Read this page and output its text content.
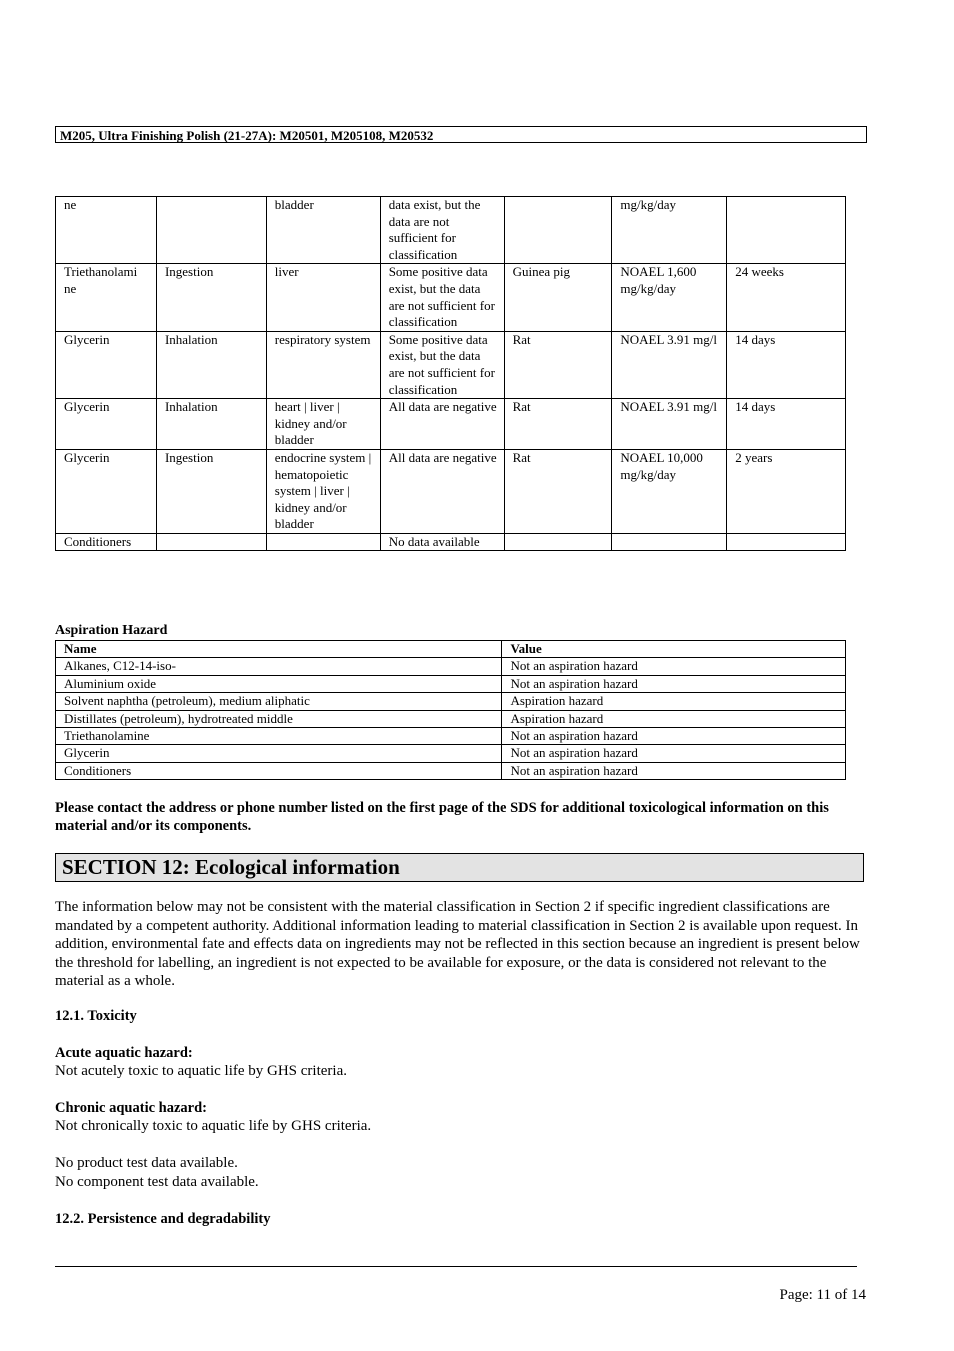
M205, Ultra Finishing Polish (21-27A): M20501, M205108, M20532
ne		bladder	data exist, but the data are not sufficient for classification		mg/kg/day	
Triethanolami ne	Ingestion	liver	Some positive data exist, but the data are not sufficient for classification	Guinea pig	NOAEL 1,600 mg/kg/day	24 weeks
Glycerin	Inhalation	respiratory system	Some positive data exist, but the data are not sufficient for classification	Rat	NOAEL 3.91 mg/l	14 days
Glycerin	Inhalation	heart | liver | kidney and/or bladder	All data are negative	Rat	NOAEL 3.91 mg/l	14 days
Glycerin	Ingestion	endocrine system | hematopoietic system | liver | kidney and/or bladder	All data are negative	Rat	NOAEL 10,000 mg/kg/day	2 years
Conditioners			No data available			
Aspiration Hazard
Name	Value
Alkanes, C12-14-iso-	Not an aspiration hazard
Aluminium oxide	Not an aspiration hazard
Solvent naphtha (petroleum), medium aliphatic	Aspiration hazard
Distillates (petroleum), hydrotreated middle	Aspiration hazard
Triethanolamine	Not an aspiration hazard
Glycerin	Not an aspiration hazard
Conditioners	Not an aspiration hazard
Please contact the address or phone number listed on the first page of the SDS for additional toxicological information on this material and/or its components.
SECTION 12: Ecological information
The information below may not be consistent with the material classification in Section 2 if specific ingredient classifications are mandated by a competent authority. Additional information leading to material classification in Section 2 is available upon request. In addition, environmental fate and effects data on ingredients may not be reflected in this section because an ingredient is present below the threshold for labelling, an ingredient is not expected to be available for exposure, or the data is considered not relevant to the material as a whole.
12.1. Toxicity
Acute aquatic hazard:
Not acutely toxic to aquatic life by GHS criteria.
Chronic aquatic hazard:
Not chronically toxic to aquatic life by GHS criteria.
No product test data available.
No component test data available.
12.2. Persistence and degradability
Page: 11 of 14
